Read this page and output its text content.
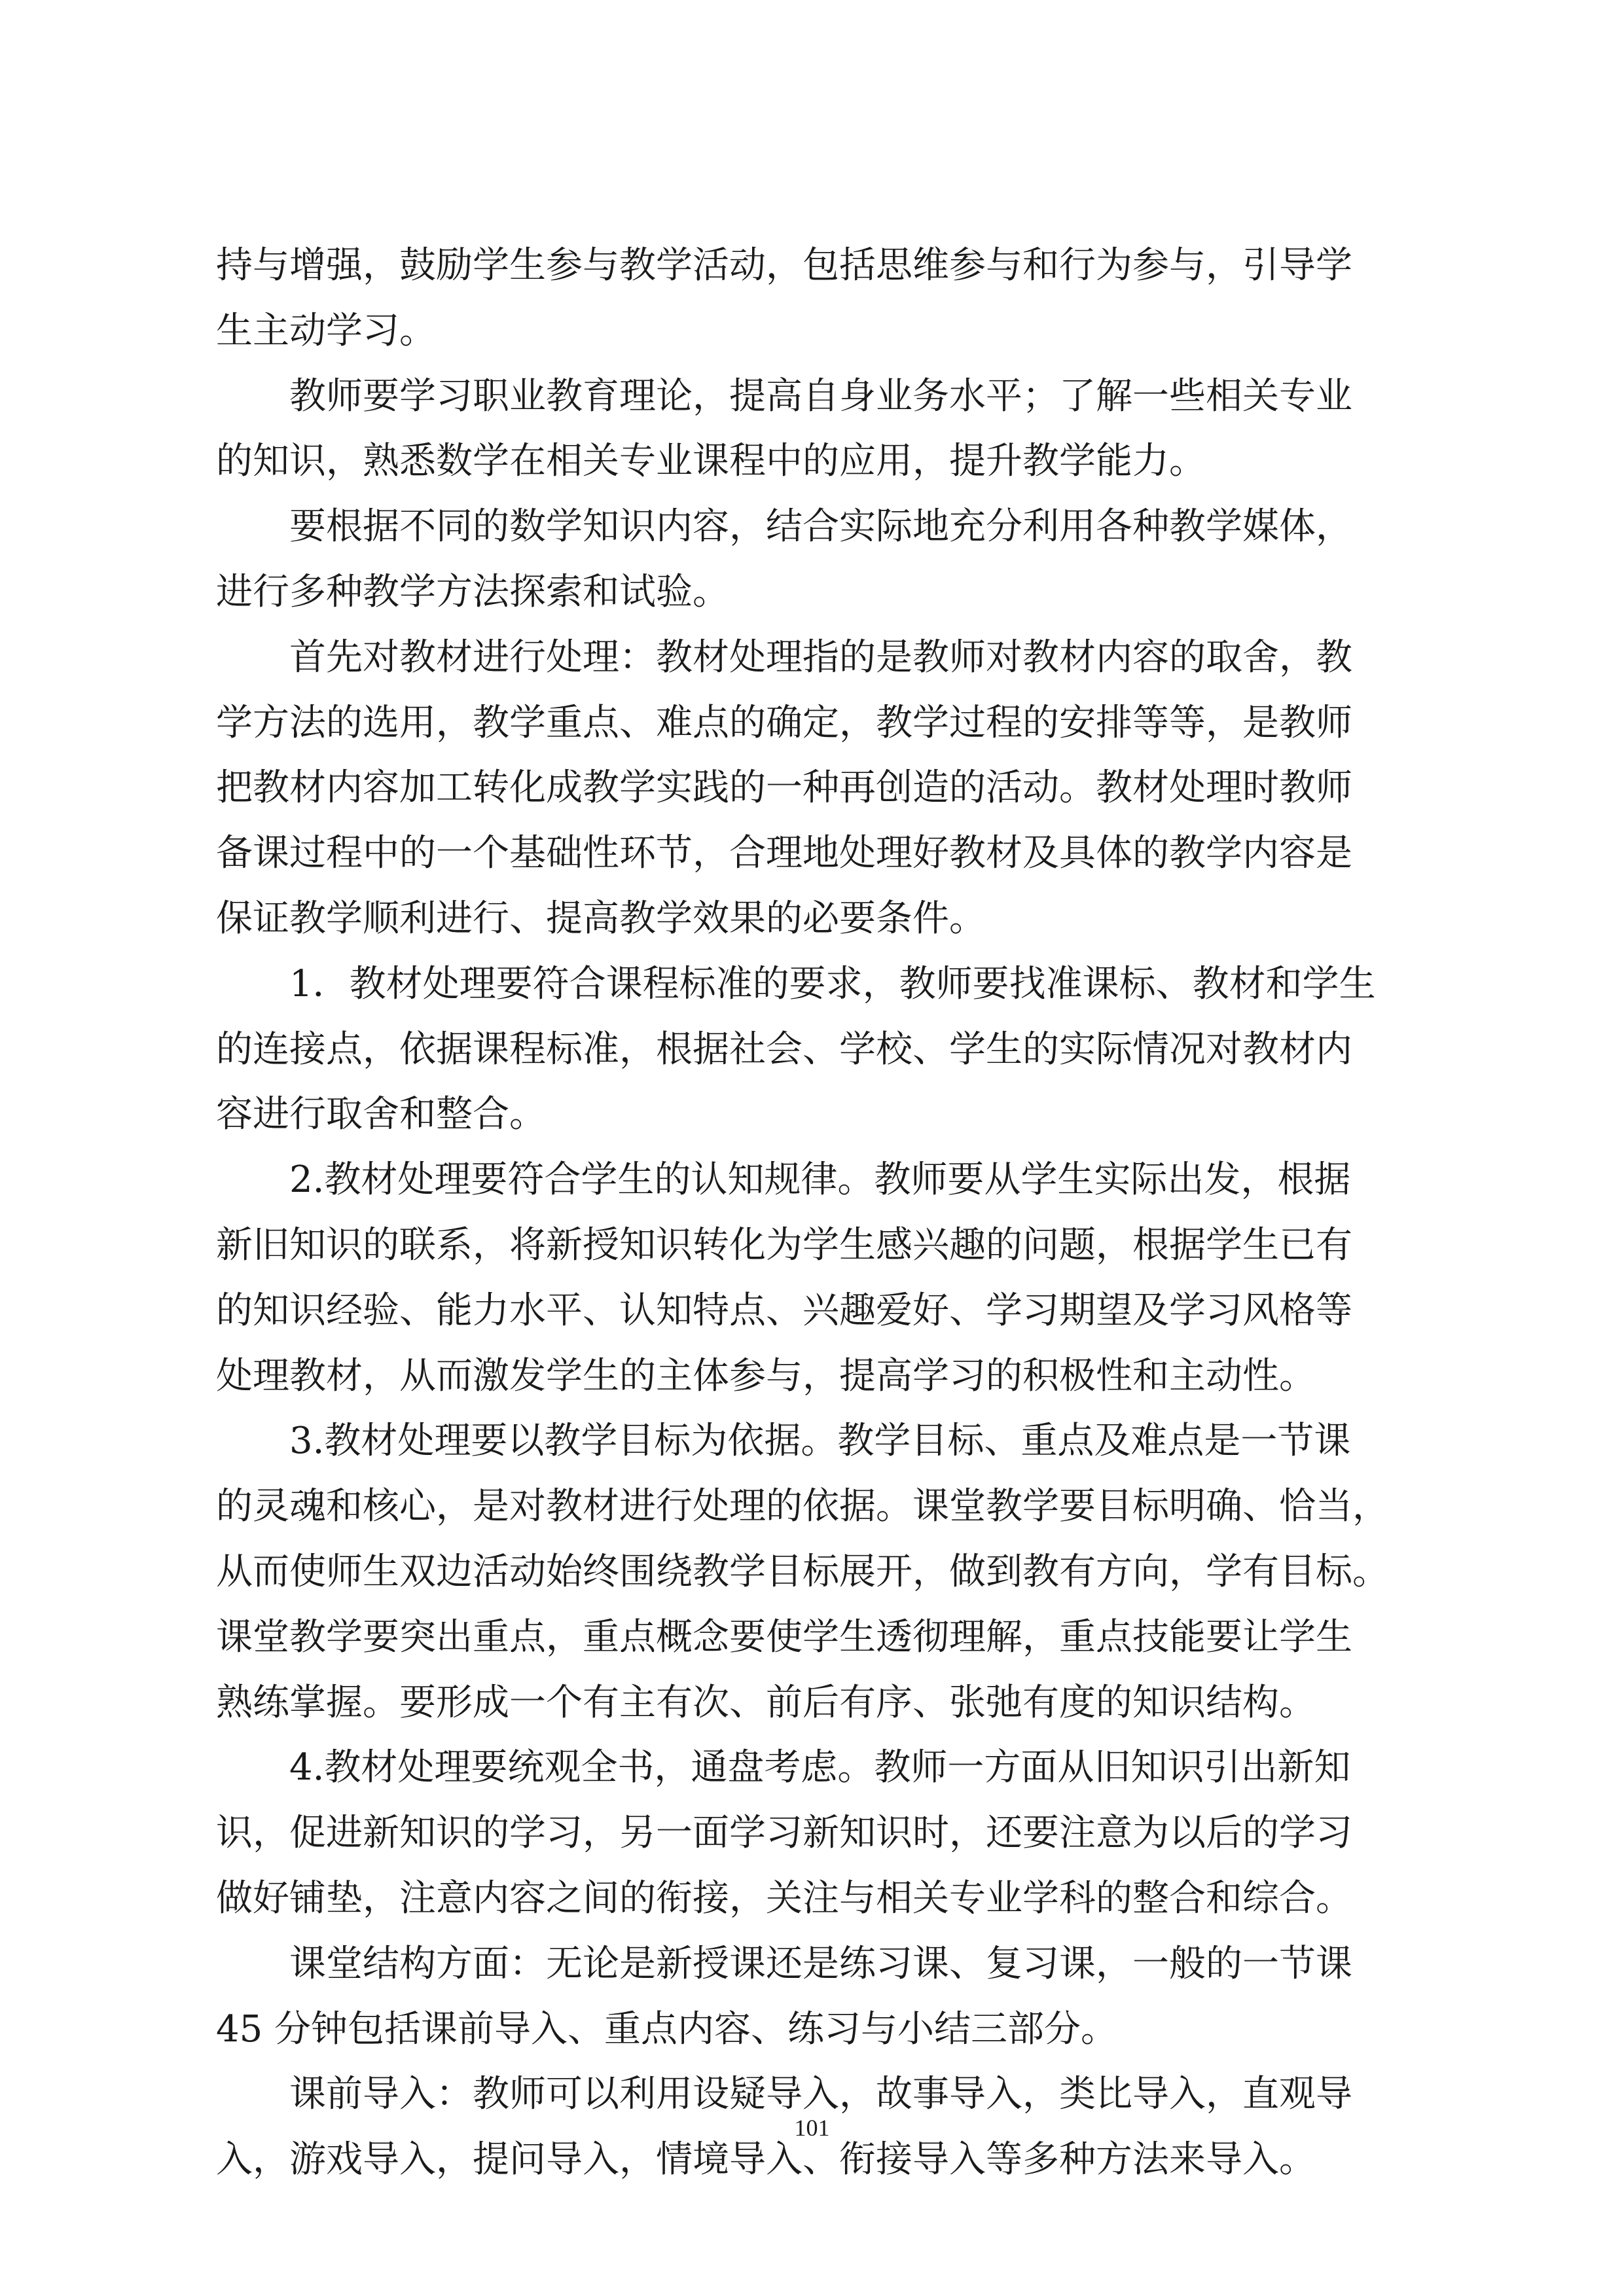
持与增强，鼓励学生参与教学活动，包括思维参与和行为参与，引导学
生主动学习。
教师要学习职业教育理论，提高自身业务水平；了解一些相关专业
的知识，熟悉数学在相关专业课程中的应用，提升教学能力。
要根据不同的数学知识内容，结合实际地充分利用各种教学媒体，
进行多种教学方法探索和试验。
首先对教材进行处理：教材处理指的是教师对教材内容的取舍，教
学方法的选用，教学重点、难点的确定，教学过程的安排等等，是教师
把教材内容加工转化成教学实践的一种再创造的活动。教材处理时教师
备课过程中的一个基础性环节，合理地处理好教材及具体的教学内容是
保证教学顺利进行、提高教学效果的必要条件。
1．教材处理要符合课程标准的要求，教师要找准课标、教材和学生
的连接点，依据课程标准，根据社会、学校、学生的实际情况对教材内
容进行取舍和整合。
2.教材处理要符合学生的认知规律。教师要从学生实际出发，根据
新旧知识的联系，将新授知识转化为学生感兴趣的问题，根据学生已有
的知识经验、能力水平、认知特点、兴趣爱好、学习期望及学习风格等
处理教材，从而激发学生的主体参与，提高学习的积极性和主动性。
3.教材处理要以教学目标为依据。教学目标、重点及难点是一节课
的灵魂和核心，是对教材进行处理的依据。课堂教学要目标明确、恰当，
从而使师生双边活动始终围绕教学目标展开，做到教有方向，学有目标。
课堂教学要突出重点，重点概念要使学生透彻理解，重点技能要让学生
熟练掌握。要形成一个有主有次、前后有序、张弛有度的知识结构。
4.教材处理要统观全书，通盘考虑。教师一方面从旧知识引出新知
识，促进新知识的学习，另一面学习新知识时，还要注意为以后的学习
做好铺垫，注意内容之间的衔接，关注与相关专业学科的整合和综合。
课堂结构方面：无论是新授课还是练习课、复习课，一般的一节课
45 分钟包括课前导入、重点内容、练习与小结三部分。
课前导入：教师可以利用设疑导入，故事导入，类比导入，直观导
入，游戏导入，提问导入，情境导入、衔接导入等多种方法来导入。
101
